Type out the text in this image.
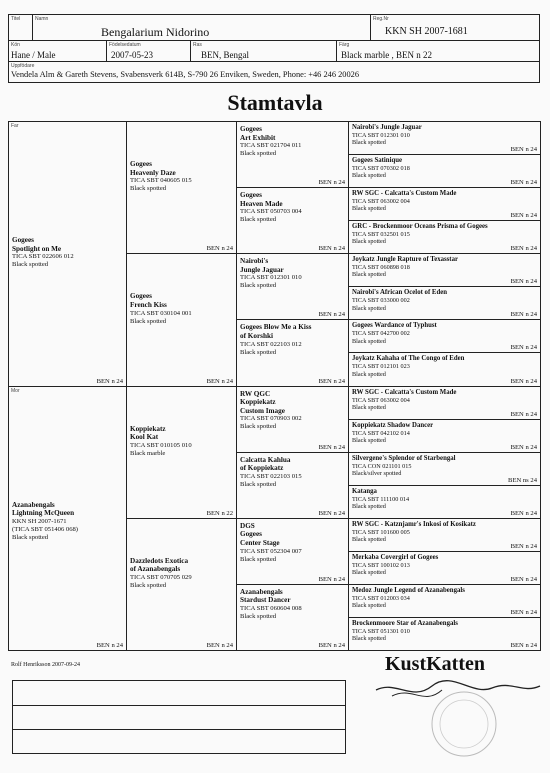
Titel	Namn
Bengalarium Nidorino
Reg.Nr
KKN SH 2007-1681
Kön
Hane / Male
Födelsedatum
2007-05-23
Ras
BEN, Bengal
Färg
Black marble , BEN n 22
Uppfödare
Vendela Alm & Gareth Stevens, Svabensverk 614B, S-790 26 Enviken, Sweden, Phone: +46 246 20026
Stamtavla
Gogees
Spotlight on Me
TICA SBT 022606 012
Black spotted
BEN n 24
Azanabengals
Lightning McQueen
KKN SH 2007-1671
(TICA SBT 051406 068)
Black spotted
BEN n 24
Gogees
Heavenly Daze
TICA SBT 040605 015
Black spotted
BEN n 24
Gogees
French Kiss
TICA SBT 030104 001
Black spotted
BEN n 24
Koppiekatz
Kool Kat
TICA SBT 010105 010
Black marble
BEN n 22
Dazzledots Exotica
of Azanabengals
TICA SBT 070705 029
Black spotted
BEN n 24
Gogees
Art Exhibit
TICA SBT 021704 011
Black spotted
BEN n 24
Gogees
Heaven Made
TICA SBT 050703 004
Black spotted
BEN n 24
Nairobi's
Jungle Jaguar
TICA SBT 012301 010
Black spotted
BEN n 24
Gogees Blow Me a Kiss
of Korshki
TICA SBT 022103 012
Black spotted
BEN n 24
RW QGC
Koppiekatz
Custom Image
TICA SBT 070903 002
Black spotted
BEN n 24
Calcatta Kahlua
of Koppiekatz
TICA SBT 022103 015
Black spotted
BEN n 24
DGS
Gogees
Center Stage
TICA SBT 052304 007
Black spotted
BEN n 24
Azanabengals
Stardust Dancer
TICA SBT 060604 008
Black spotted
BEN n 24
Nairobi's Jungle Jaguar
TICA SBT 012301 010
Black spotted
BEN n 24
Gogees Satinique
TICA SBT 070302 018
Black spotted
BEN n 24
RW SGC - Calcatta's Custom Made
TICA SBT 063002 004
Black spotted
BEN n 24
GRC - Brockenmoor Oceans Prisma of Gogees
TICA SBT 032501 015
Black spotted
BEN n 24
Joykatz Jungle Rapture of Texasstar
TICA SBT 060898 018
Black spotted
BEN n 24
Nairobi's African Ocelot of Eden
TICA SBT 033000 002
Black spotted
BEN n 24
Gogees Wardance of Typhust
TICA SBT 042700 002
Black spotted
BEN n 24
Joykatz Kahaha of The Congo of Eden
TICA SBT 012101 023
Black spotted
BEN n 24
RW SGC - Calcatta's Custom Made
TICA SBT 063002 004
Black spotted
BEN n 24
Koppiekatz Shadow Dancer
TICA SBT 042102 014
Black spotted
BEN n 24
Silvergene's Splendor of Starbengal
TICA CON 021101 015
Black/silver spotted
BEN ns 24
Katanga
TICA SBT 111100 014
Black spotted
BEN n 24
RW SGC - Katznjamr's Inkosi of Kosikatz
TICA SBT 101600 005
Black spotted
BEN n 24
Merkaba Covergirl of Gogees
TICA SBT 100102 013
Black spotted
BEN n 24
Medoz Jungle Legend of Azanabengals
TICA SBT 012003 034
Black spotted
BEN n 24
Brockenmoore Star of Azanabengals
TICA SBT 051301 010
Black spotted
BEN n 24
Rolf Henriksson 2007-09-24	KustKatten
Far
Mor
